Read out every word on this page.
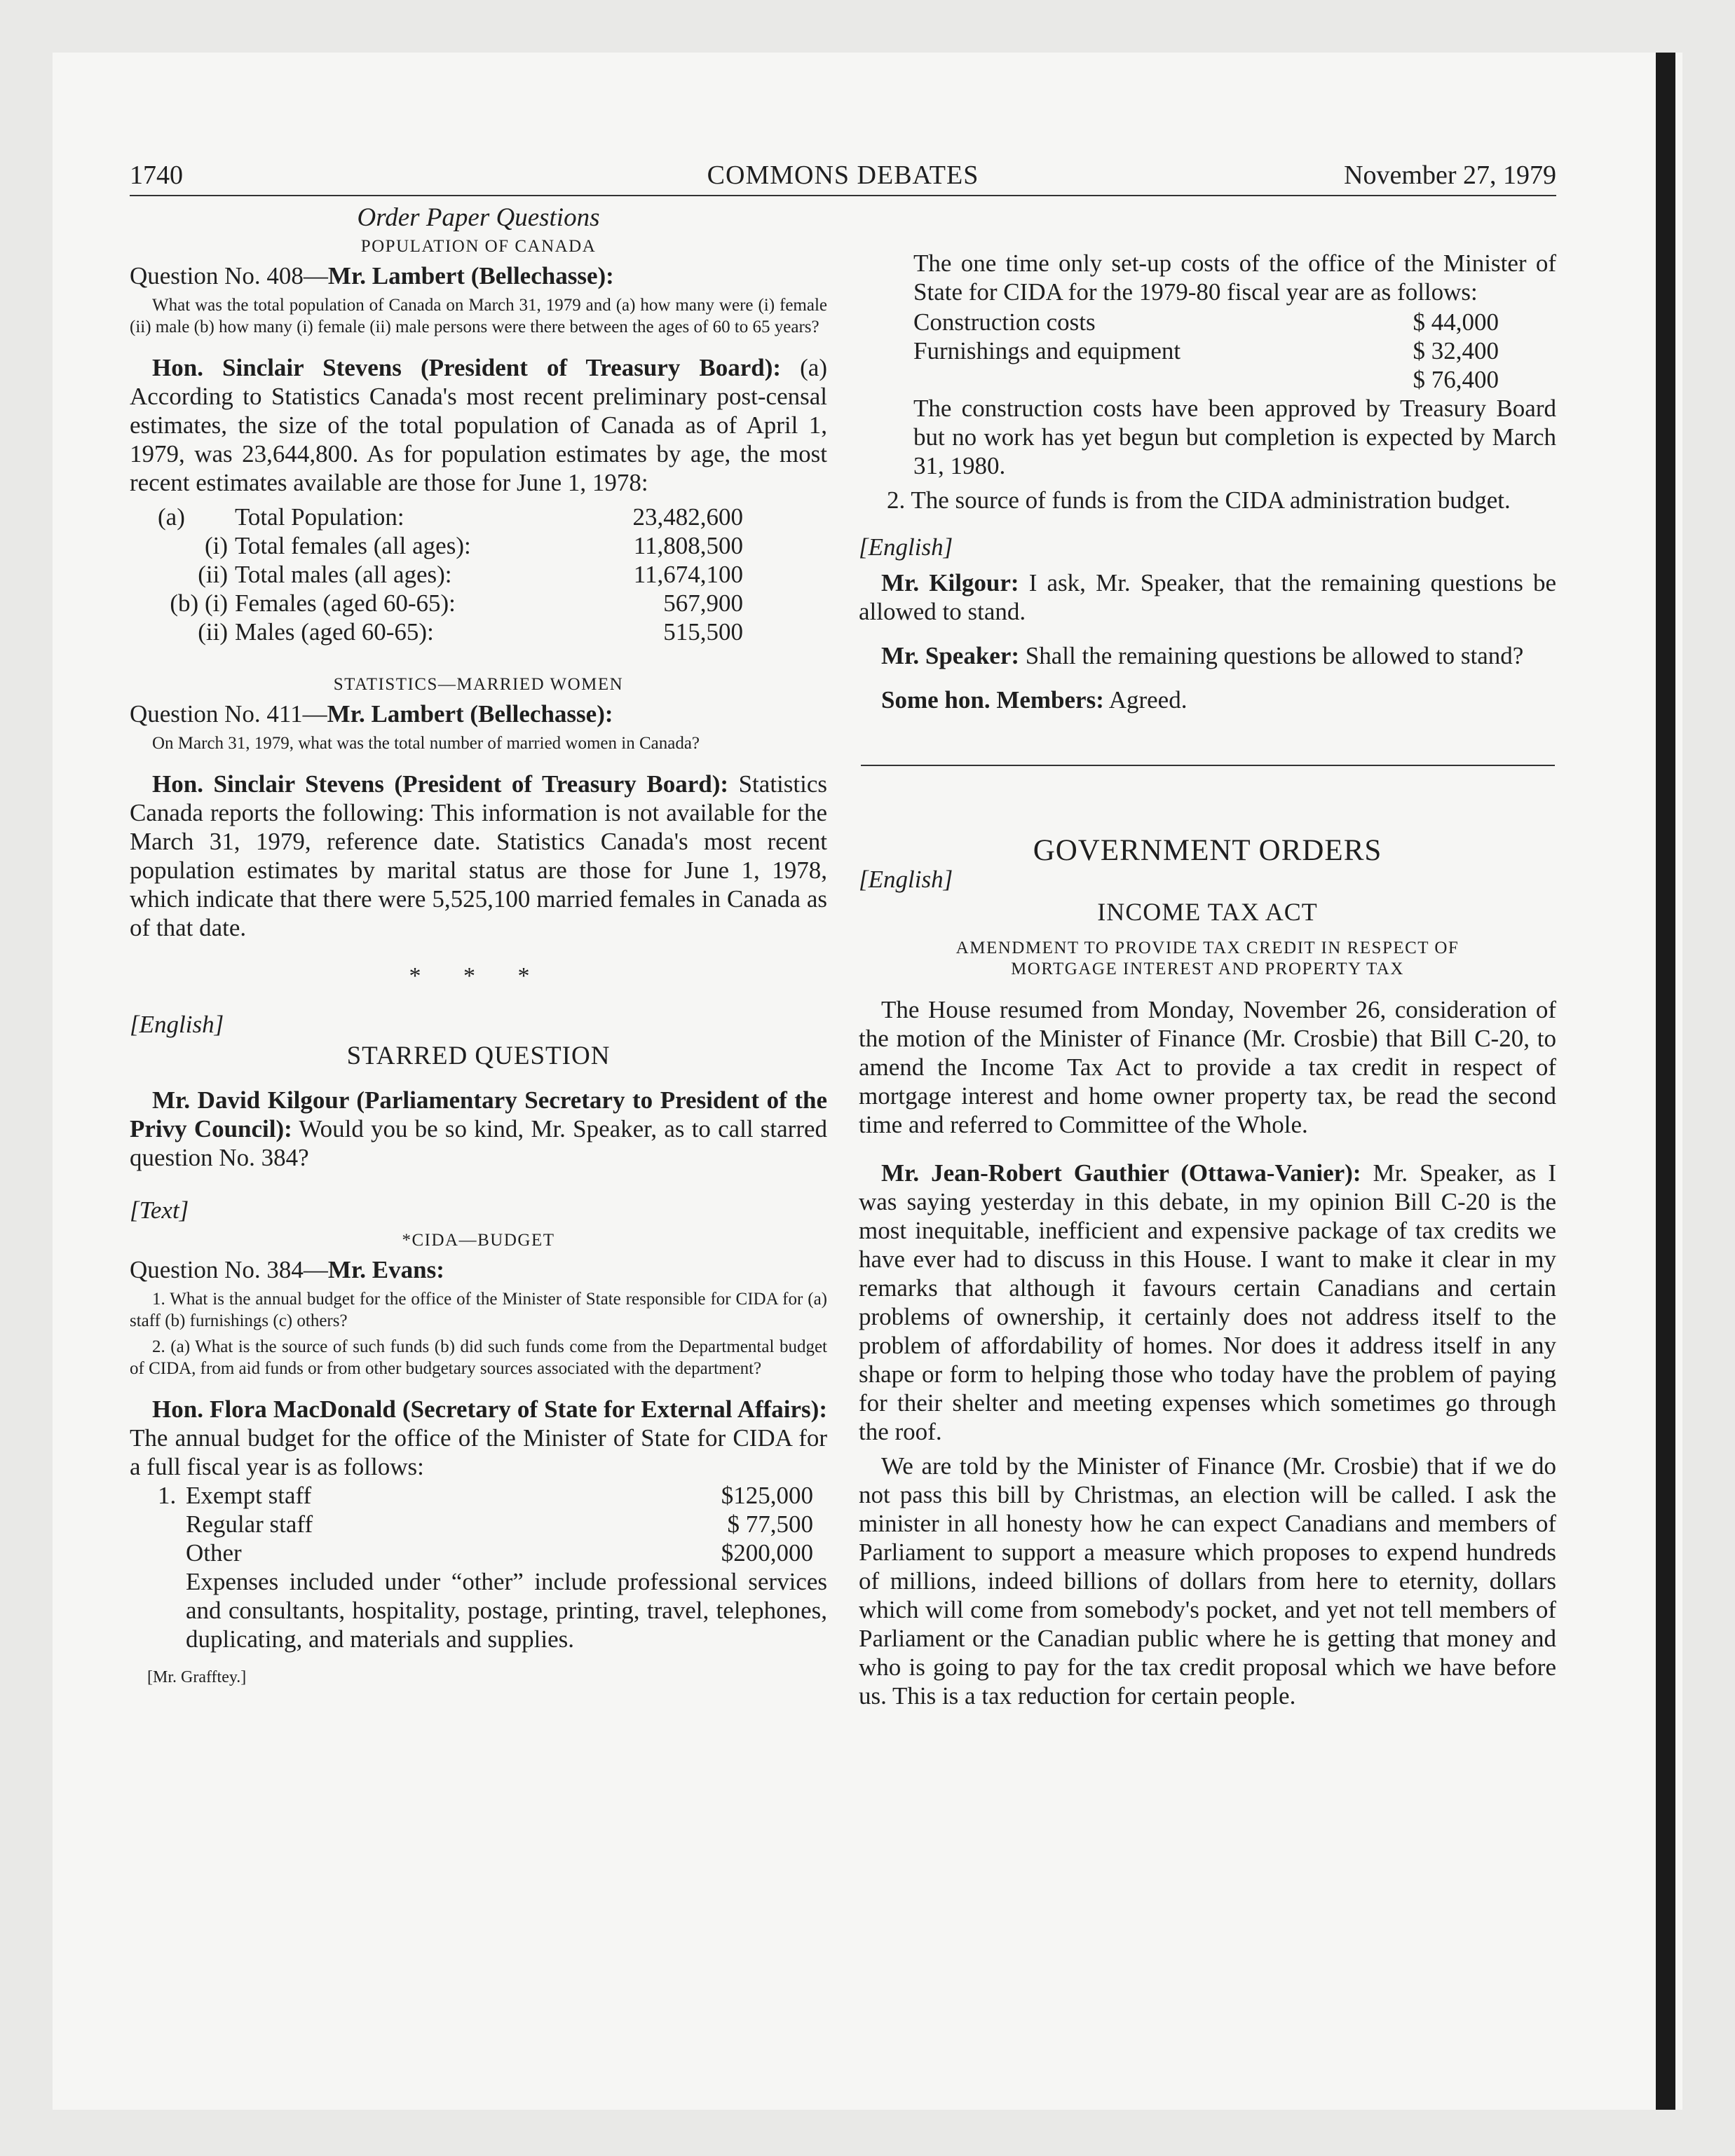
1740	COMMONS DEBATES	November 27, 1979

Order Paper Questions

POPULATION OF CANADA

Question No. 408—Mr. Lambert (Bellechasse):

What was the total population of Canada on March 31, 1979 and (a) how many were (i) female (ii) male (b) how many (i) female (ii) male persons were there between the ages of 60 to 65 years?

Hon. Sinclair Stevens (President of Treasury Board): (a) According to Statistics Canada's most recent preliminary post-censal estimates, the size of the total population of Canada as of April 1, 1979, was 23,644,800. As for population estimates by age, the most recent estimates available are those for June 1, 1978:

(a)	Total Population:	23,482,600
(i)	Total females (all ages):	11,808,500
(ii)	Total males (all ages):	11,674,100
(b) (i)	Females (aged 60-65):	567,900
(ii)	Males (aged 60-65):	515,500

STATISTICS—MARRIED WOMEN

Question No. 411—Mr. Lambert (Bellechasse):

On March 31, 1979, what was the total number of married women in Canada?

Hon. Sinclair Stevens (President of Treasury Board): Statistics Canada reports the following: This information is not available for the March 31, 1979, reference date. Statistics Canada's most recent population estimates by marital status are those for June 1, 1978, which indicate that there were 5,525,100 married females in Canada as of that date.

* * *

[English]

STARRED QUESTION

Mr. David Kilgour (Parliamentary Secretary to President of the Privy Council): Would you be so kind, Mr. Speaker, as to call starred question No. 384?

[Text]

*CIDA—BUDGET

Question No. 384—Mr. Evans:

1. What is the annual budget for the office of the Minister of State responsible for CIDA for (a) staff (b) furnishings (c) others?

2. (a) What is the source of such funds (b) did such funds come from the Departmental budget of CIDA, from aid funds or from other budgetary sources associated with the department?

Hon. Flora MacDonald (Secretary of State for External Affairs): The annual budget for the office of the Minister of State for CIDA for a full fiscal year is as follows:

1.	Exempt staff	$125,000
	Regular staff	$ 77,500
	Other	$200,000

Expenses included under “other” include professional services and consultants, hospitality, postage, printing, travel, telephones, duplicating, and materials and supplies.

[Mr. Grafftey.]

The one time only set-up costs of the office of the Minister of State for CIDA for the 1979-80 fiscal year are as follows:

Construction costs	$ 44,000
Furnishings and equipment	$ 32,400
	$ 76,400

The construction costs have been approved by Treasury Board but no work has yet begun but completion is expected by March 31, 1980.

2. The source of funds is from the CIDA administration budget.

[English]

Mr. Kilgour: I ask, Mr. Speaker, that the remaining questions be allowed to stand.

Mr. Speaker: Shall the remaining questions be allowed to stand?

Some hon. Members: Agreed.

GOVERNMENT ORDERS

[English]

INCOME TAX ACT

AMENDMENT TO PROVIDE TAX CREDIT IN RESPECT OF MORTGAGE INTEREST AND PROPERTY TAX

The House resumed from Monday, November 26, consideration of the motion of the Minister of Finance (Mr. Crosbie) that Bill C-20, to amend the Income Tax Act to provide a tax credit in respect of mortgage interest and home owner property tax, be read the second time and referred to Committee of the Whole.

Mr. Jean-Robert Gauthier (Ottawa-Vanier): Mr. Speaker, as I was saying yesterday in this debate, in my opinion Bill C-20 is the most inequitable, inefficient and expensive package of tax credits we have ever had to discuss in this House. I want to make it clear in my remarks that although it favours certain Canadians and certain problems of ownership, it certainly does not address itself to the problem of affordability of homes. Nor does it address itself in any shape or form to helping those who today have the problem of paying for their shelter and meeting expenses which sometimes go through the roof.

We are told by the Minister of Finance (Mr. Crosbie) that if we do not pass this bill by Christmas, an election will be called. I ask the minister in all honesty how he can expect Canadians and members of Parliament to support a measure which proposes to expend hundreds of millions, indeed billions of dollars from here to eternity, dollars which will come from somebody's pocket, and yet not tell members of Parliament or the Canadian public where he is getting that money and who is going to pay for the tax credit proposal which we have before us. This is a tax reduction for certain people.
